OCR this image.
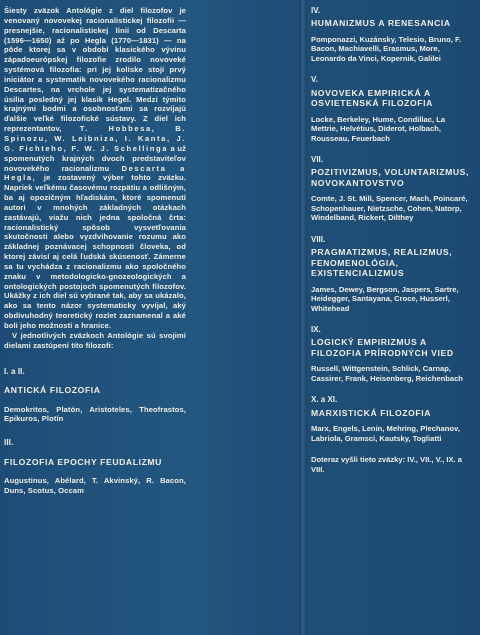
Šiesty zväzok Antológie z diel filozofov je venovaný novovekej racionalistickej filozofii — presnejšie, racionalistickej línii od Descarta (1596—1650) až po Hegla (1770—1831) — na pôde ktorej sa v období klasického vývinu západoeurópskej filozofie zrodilo novoveké systémová filozofia: pri jej kolíske stojí prvý iniciátor a systematik novovekého racionalizmu Descartes, na vrchole jej systematizačného úsilia posledný jej klasik Hegel. Medzi týmito krajnými bodmi a osobnosťami sa rozvíjajú ďalšie veľké filozofické sústavy. Z diel ich reprezentantov, T. Hobbesa, B. Spinozu, W. Leibniza, I. Kanta, J. G. Fichteho, F. W. J. Schellinga a už spomenutých krajných dvoch predstaviteľov novovekého racionalizmu Descarta a Hegla, je zostavený výber tohto zväzku. Napriek veľkému časovému rozpätiu a odlišným, ba aj opozičným hľadiskám, ktoré spomenutí autori v mnohých základných otázkach zastávajú, viažu nich jedna spoločná črta: racionalistický spôsob vysvetľovania skutočnosti alebo vyzdvihovanie rozumu ako základnej poznávacej schopnosti človeka, od ktorej závisí aj celá ľudská skúsenosť. Zámerne sa tu vychádza z racionalizmu ako spoločného znaku v metodologicko-gnozeologických a ontologických postojoch spomenutých filozofov. Ukážky z ich diel sú vybrané tak, aby sa ukázalo, ako sa tento názor systematicky vyvíjal, aký obdivuhodný teoretický rozlet zaznamenal a aké boli jeho možnosti a hranice.

V jednotlivých zväzkoch Antológie sú svojimi dielami zastúpení títo filozofi:

I. a II.

ANTICKÁ FILOZOFIA

Demokritos, Platón, Aristoteles, Theofrastos, Epikuros, Plotín

III.

FILOZOFIA EPOCHY FEUDALIZMU

Augustinus, Abélard, T. Akvinský, R. Bacon, Duns, Scotus, Occam

IV.

HUMANIZMUS A RENESANCIA

Pomponazzi, Kuzánsky, Telesio, Bruno, F. Bacon, Machiavelli, Erasmus, More, Leonardo da Vinci, Kopernik, Galilei

V.

NOVOVEKA EMPIRICKÁ A OSVIETENSKÁ FILOZOFIA

Locke, Berkeley, Hume, Condillac, La Mettrie, Helvétius, Diderot, Holbach, Rousseau, Feuerbach

VII.

POZITIVIZMUS, VOLUNTARIZMUS, NOVOKANTOVSTVO

Comte, J. St. Mill, Spencer, Mach, Poincaré, Schopenhauer, Nietzsche, Cohen, Natorp, Windelband, Rickert, Dilthey

VIII.

PRAGMATIZMUS, REALIZMUS, FENOMENOLÓGIA, EXISTENCIALIZMUS

James, Dewey, Bergson, Jaspers, Sartre, Heidegger, Santayana, Croce, Husserl, Whitehead

IX.

LOGICKÝ EMPIRIZMUS A FILOZOFIA PRÍRODNÝCH VIED

Russell, Wittgenstein, Schlick, Carnap, Cassirer, Frank, Heisenberg, Reichenbach

X. a XI.

MARXISTICKÁ FILOZOFIA

Marx, Engels, Lenin, Mehring, Plechanov, Labriola, Gramsci, Kautsky, Togliatti

Doteraz vyšli tieto zväzky: IV., VII., V., IX. a VIII.
